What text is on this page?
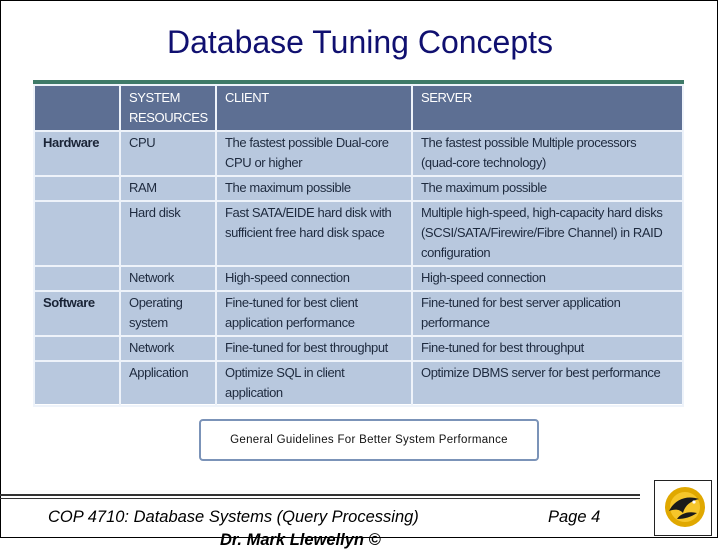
Database Tuning Concepts
	SYSTEM RESOURCES	CLIENT	SERVER
Hardware	CPU	The fastest possible Dual-core CPU or higher	The fastest possible Multiple processors (quad-core technology)
	RAM	The maximum possible	The maximum possible
	Hard disk	Fast SATA/EIDE hard disk with sufficient free hard disk space	Multiple high-speed, high-capacity hard disks (SCSI/SATA/Firewire/Fibre Channel) in RAID configuration
	Network	High-speed connection	High-speed connection
Software	Operating system	Fine-tuned for best client application performance	Fine-tuned for best server application performance
	Network	Fine-tuned for best throughput	Fine-tuned for best throughput
	Application	Optimize SQL in client application	Optimize DBMS server for best performance
General Guidelines For Better System Performance
COP 4710: Database Systems (Query Processing)	Page 4
Dr. Mark Llewellyn ©
